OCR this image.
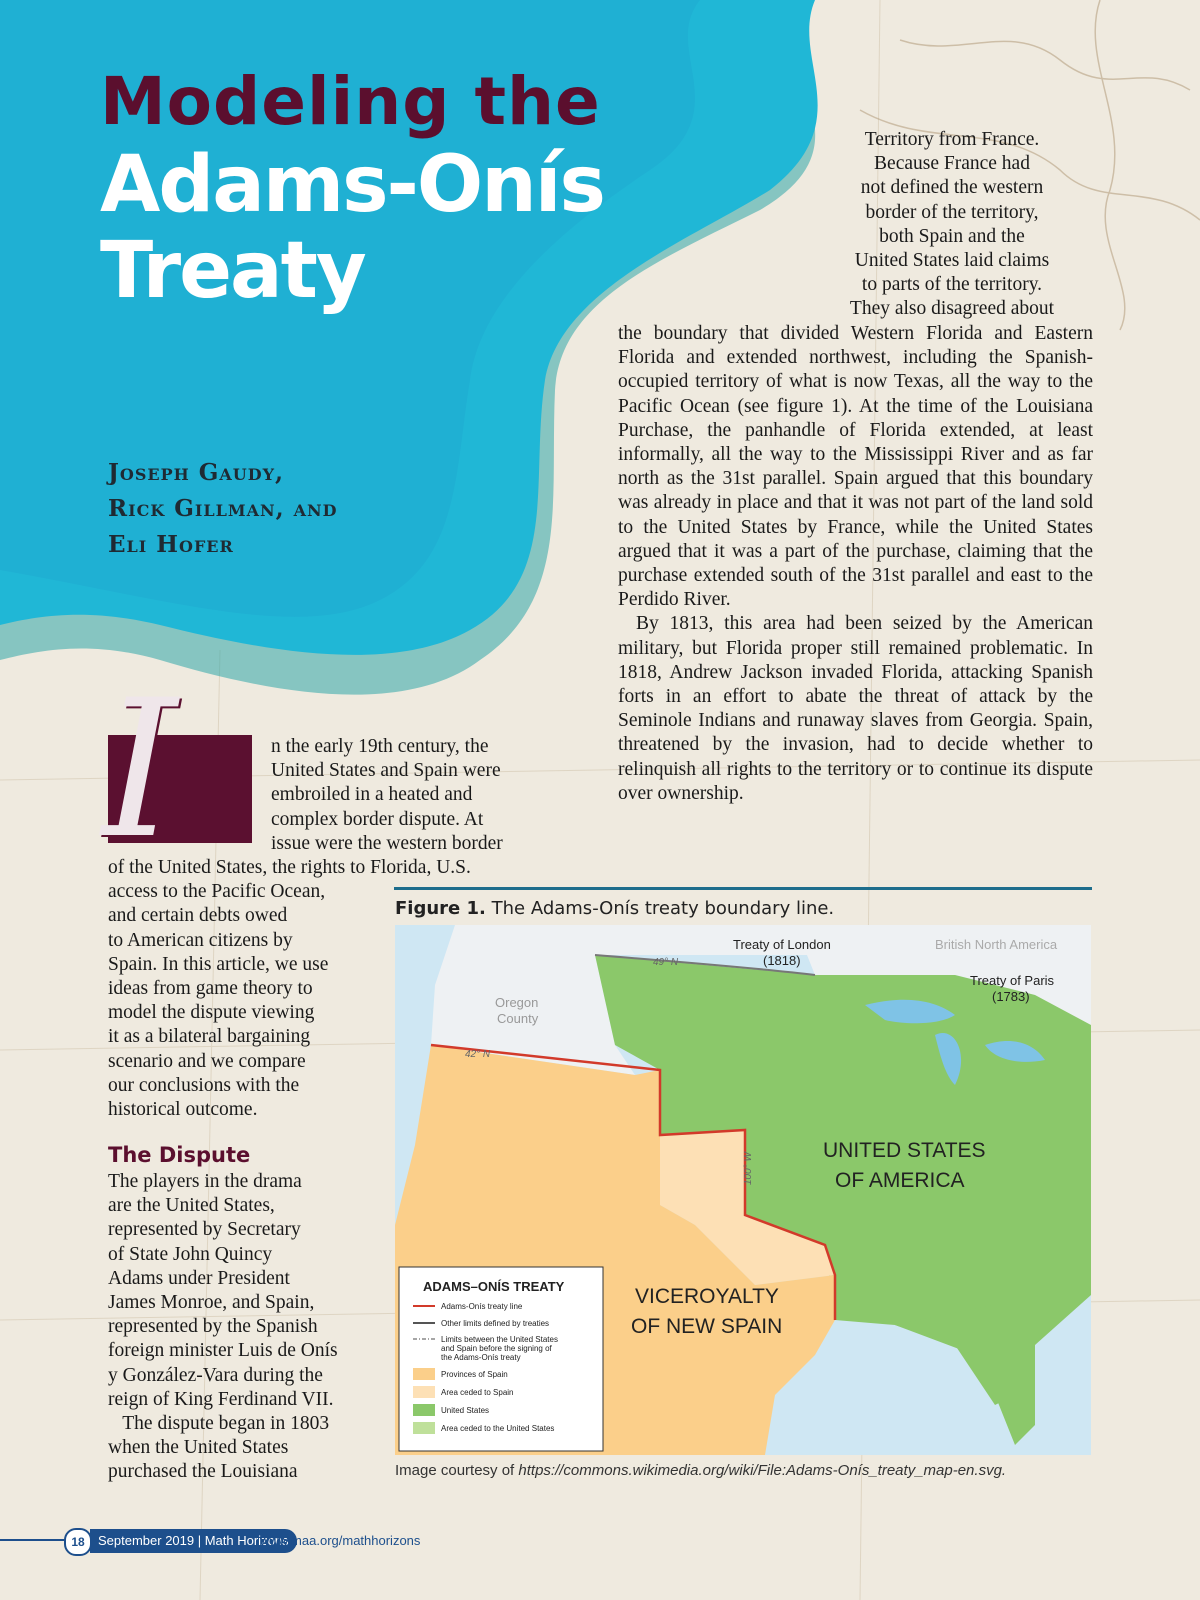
Modeling the
Adams-Onís
Treaty
Joseph Gaudy,
Rick Gillman, and
Eli Hofer
Territory from France.
Because France had
not defined the western
border of the territory,
both Spain and the
United States laid claims
to parts of the territory.
They also disagreed about

the boundary that divided Western Florida and Eastern Florida and extended northwest, including the Spanish-occupied territory of what is now Texas, all the way to the Pacific Ocean (see figure 1). At the time of the Louisiana Purchase, the panhandle of Florida extended, at least informally, all the way to the Mississippi River and as far north as the 31st parallel. Spain argued that this boundary was already in place and that it was not part of the land sold to the United States by France, while the United States argued that it was a part of the purchase, claiming that the purchase extended south of the 31st parallel and east to the Perdido River.

By 1813, this area had been seized by the American military, but Florida proper still remained problematic. In 1818, Andrew Jackson invaded Florida, attacking Spanish forts in an effort to abate the threat of attack by the Seminole Indians and runaway slaves from Georgia. Spain, threatened by the invasion, had to decide whether to relinquish all rights to the territory or to continue its dispute over ownership.

I	n the early 19th century, the
United States and Spain were
embroiled in a heated and
complex border dispute. At
issue were the western border
of the United States, the rights to Florida, U.S.
access to the Pacific Ocean,
and certain debts owed
to American citizens by
Spain. In this article, we use
ideas from game theory to
model the dispute viewing
it as a bilateral bargaining
scenario and we compare
our conclusions with the
historical outcome.
The Dispute
The players in the drama
are the United States,
represented by Secretary
of State John Quincy
Adams under President
James Monroe, and Spain,
represented by the Spanish
foreign minister Luis de Onís
y González-Vara during the
reign of King Ferdinand VII.
The dispute began in 1803
when the United States
purchased the Louisiana
Figure 1. The Adams-Onís treaty boundary line.
49° N
42° N
100° W
Treaty of London
(1818)
British North America
Treaty of Paris
(1783)
Oregon
County
UNITED STATES
OF AMERICA
VICEROYALTY
OF NEW SPAIN
ADAMS–ONÍS TREATY
Adams-Onís treaty line
Other limits defined by treaties
Limits between the United States
and Spain before the signing of
the Adams-Onís treaty
Provinces of Spain
Area ceded to Spain
United States
Area ceded to the United States
Image courtesy of https://commons.wikimedia.org/wiki/File:Adams-Onís_treaty_map-en.svg.
18	September 2019 | Math Horizons
www.maa.org/mathhorizons
